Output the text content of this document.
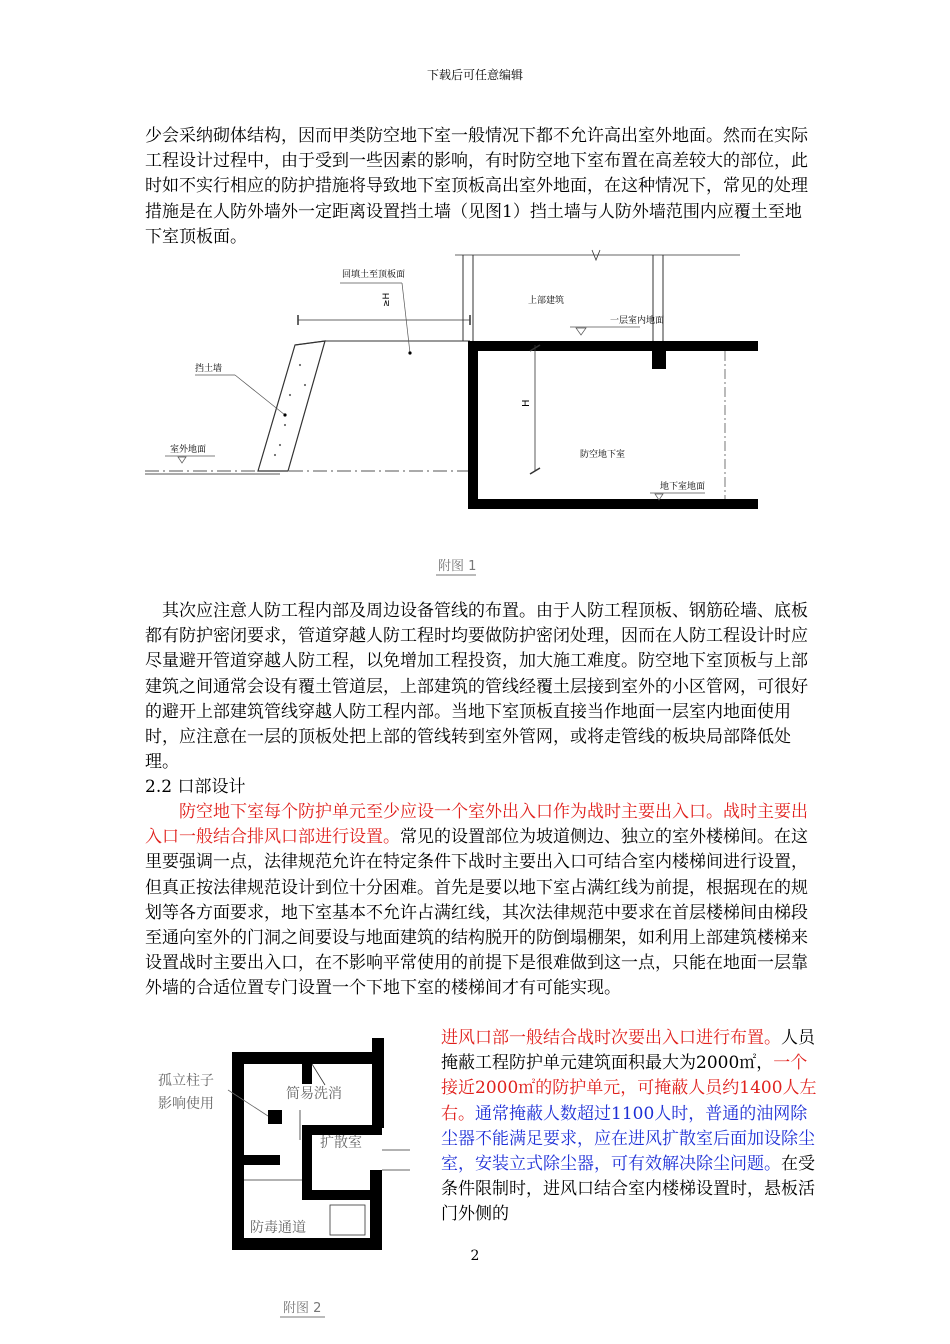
下载后可任意编辑

少会采纳砌体结构，因而甲类防空地下室一般情况下都不允许高出室外地面。然而在实际工程设计过程中，由于受到一些因素的影响，有时防空地下室布置在高差较大的部位，此时如不实行相应的防护措施将导致地下室顶板高出室外地面，在这种情况下，常见的处理措施是在人防外墙外一定距离设置挡土墙（见图1）挡土墙与人防外墙范围内应覆土至地下室顶板面。

≥H
回填土至顶板面
挡土墙
室外地面
上部建筑
一层室内地面
H
防空地下室
地下室地面
附图 1

其次应注意人防工程内部及周边设备管线的布置。由于人防工程顶板、钢筋砼墙、底板都有防护密闭要求，管道穿越人防工程时均要做防护密闭处理，因而在人防工程设计时应尽量避开管道穿越人防工程，以免增加工程投资，加大施工难度。防空地下室顶板与上部建筑之间通常会设有覆土管道层，上部建筑的管线经覆土层接到室外的小区管网，可很好的避开上部建筑管线穿越人防工程内部。当地下室顶板直接当作地面一层室内地面使用时，应注意在一层的顶板处把上部的管线转到室外管网，或将走管线的板块局部降低处理。

2.2 口部设计

防空地下室每个防护单元至少应设一个室外出入口作为战时主要出入口。战时主要出入口一般结合排风口部进行设置。常见的设置部位为坡道侧边、独立的室外楼梯间。在这里要强调一点，法律规范允许在特定条件下战时主要出入口可结合室内楼梯间进行设置，但真正按法律规范设计到位十分困难。首先是要以地下室占满红线为前提，根据现在的规划等各方面要求，地下室基本不允许占满红线，其次法律规范中要求在首层楼梯间由梯段至通向室外的门洞之间要设与地面建筑的结构脱开的防倒塌棚架，如利用上部建筑楼梯来设置战时主要出入口，在不影响平常使用的前提下是很难做到这一点，只能在地面一层靠外墙的合适位置专门设置一个下地下室的楼梯间才有可能实现。

进风口部一般结合战时次要出入口进行布置。人员掩蔽工程防护单元建筑面积最大为2000㎡，一个接近2000㎡的防护单元，可掩蔽人员约1400人左右。通常掩蔽人数超过1100人时，普通的油网除尘器不能满足要求，应在进风扩散室后面加设除尘室，安装立式除尘器，可有效解决除尘问题。在受条件限制时，进风口结合室内楼梯设置时，悬板活门外侧的

孤立柱子
影响使用
简易洗消
扩散室
防毒通道
附图 2
2
